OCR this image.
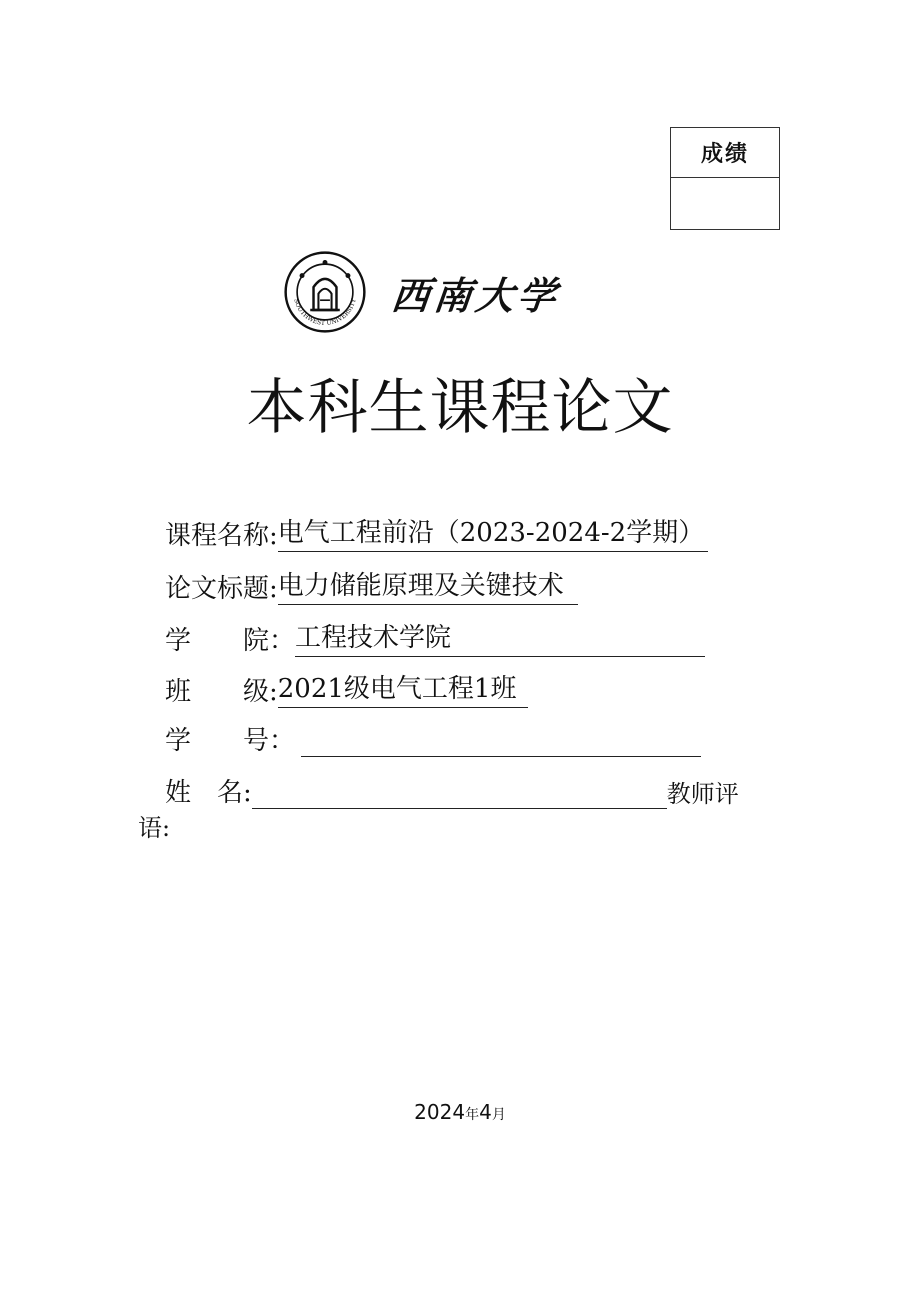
成绩
SOUTHWEST UNIVERSITY 西南大学
本科生课程论文
课程名称: 电气工程前沿（2023-2024-2学期）
论文标题: 电力储能原理及关键技术
学　　院： 工程技术学院
班　　级: 2021级电气工程1班
学　　号：
姓　名:	教师评
语:
2024年4月
